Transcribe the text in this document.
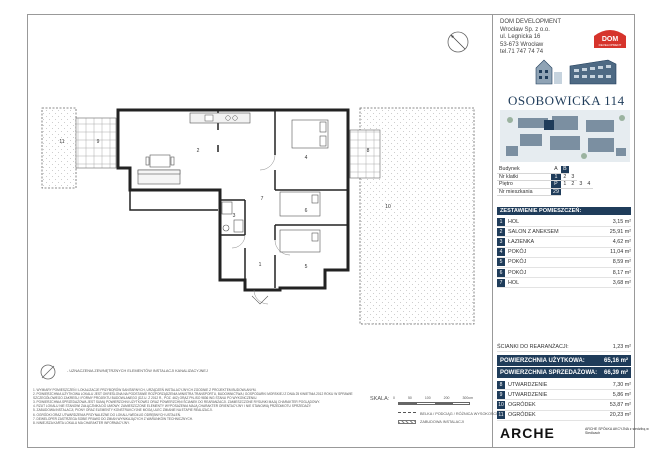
DOM DEVELOPMENT
Wrocław Sp. z o.o.
ul. Legnicka 16
53-673 Wrocław
tel.71 747 74 74
DOM
DEVELOPMENT
OSOBOWICKA 114
Budynek	A	B			
Nr klatki	1	2	3		
Piętro	P	1	2	3	4
Nr mieszkania	29				
ZESTAWIENIE POMIESZCZEŃ:
1	HOL	3,15 m²
2	SALON Z ANEKSEM	25,91 m²
3	ŁAZIENKA	4,62 m²
4	POKÓJ	11,04 m²
5	POKÓJ	8,59 m²
6	POKÓJ	8,17 m²
7	HOL	3,68 m²
ŚCIANKI DO REARANŻACJI:	1,23 m²
POWIERZCHNIA UŻYTKOWA:	65,16 m²
POWIERZCHNIA SPRZEDAŻOWA:	66,39 m²
8	UTWARDZENIE	7,30 m²
9	UTWARDZENIE	5,86 m²
10 OGRÓDEK	53,87 m²
11 OGRÓDEK	20,23 m²
2
3
4
5
6
7
1
8
9
10
11
- UZNACZENIA ZEWNĘTRZNYCH ELEMENTÓW INSTALACJI KANALIZACYJNEJ
1. WYMIARY POMIESZCZEŃ I LOKALIZACJE PRZYBORÓW SANITARNYCH, URZĄDZEŃ INSTALACYJNYCH ZGODNIE Z PROJEKTEM BUDOWLANYM.
2. POWIERZCHNIA UŻYTKOWA LOKALU JEST OKREŚLONA NA PODSTAWIE ROZPORZĄDZENIA MINISTRA TRANSPORTU, BUDOWNICTWA I GOSPODARKI MORSKIEJ Z DNIA 25 KWIETNIA 2012 ROKU W SPRAWIE SZCZEGÓŁOWEGO ZAKRESU I FORMY PROJEKTU BUDOWLANEGO (DZ.U. Z 2012 R., POZ. 462) ORAZ PN-ISO 9836 WG STANU PO WYKOŃCZENIU.
3. POWIERZCHNIA SPRZEDAŻOWA JEST SUMĄ POWIERZCHNI UŻYTKOWEJ ORAZ POWIERZCHNI ŚCIANEK DO REARANŻACJI. ZAMIESZCZONE RYSUNKI MAJĄ CHARAKTER POGLĄDOWY.
4. RZUT LOKALU NIE STANOWI ZAŁĄCZNIKA DO UMOWY. ZAMIESZCZONE ELEMENTY WYPOSAŻENIA MAJĄ CHARAKTER ORIENTACYJNY I NIE STANOWIĄ PRZEDMIOTU SPRZEDAŻY.
5. ZABUDOWA INSTALACJI, PIONY ORAZ ELEMENTY KONSTRUKCYJNE MOGĄ ULEC ZMIANIE NA ETAPIE REALIZACJI.
6. OGRÓDKI ORAZ UTWARDZENIA PRZYNALEŻNE DO LOKALU WEDŁUG ODRĘBNYCH USTALEŃ.
7. DEWELOPER ZASTRZEGA SOBIE PRAWO DO ZMIAN WYNIKAJĄCYCH Z WARUNKÓW TECHNICZNYCH.
8. NINIEJSZA KARTA LOKALU MA CHARAKTER INFORMACYJNY.
SKALA: 0	50	100	200	300cm
BELKA / PODCIĄG / RÓŻNICA WYSOKOŚCI
ZABUDOWA INSTALACJI
ARCHE	ARCHE SPÓŁKA AKCYJNA z siedzibą w Siedlcach
